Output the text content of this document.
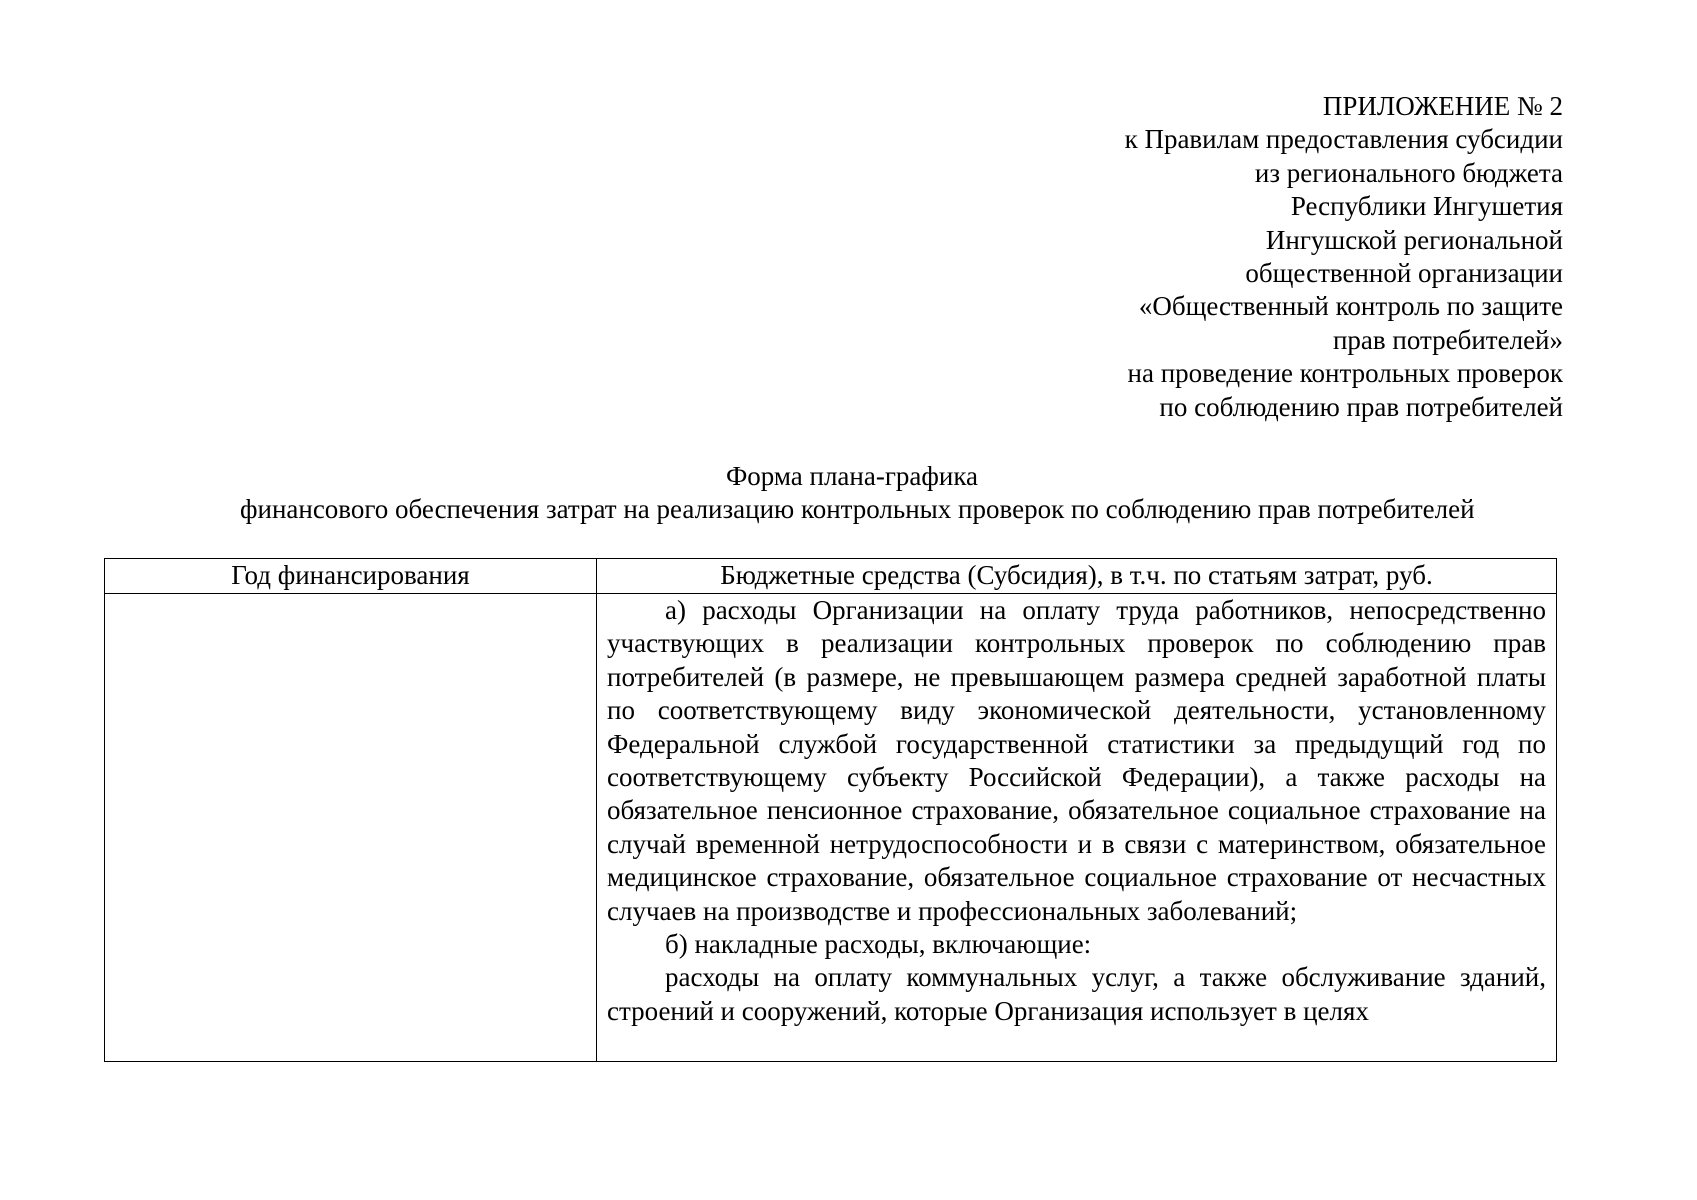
ПРИЛОЖЕНИЕ № 2
к Правилам предоставления субсидии
из регионального бюджета
Республики Ингушетия
Ингушской региональной
общественной организации
«Общественный контроль по защите
прав потребителей»
на проведение контрольных проверок
по соблюдению прав потребителей
Форма плана-графика
финансового обеспечения затрат на реализацию контрольных проверок по соблюдению прав потребителей
Год финансирования	Бюджетные средства (Субсидия), в т.ч. по статьям затрат, руб.

	а) расходы Организации на оплату труда работников, непосредственно участвующих в реализации контрольных проверок по соблюдению прав потребителей (в размере, не превышающем размера средней заработной платы по соответствующему виду экономической деятельности, установленному Федеральной службой государственной статистики за предыдущий год по соответствующему субъекту Российской Федерации), а также расходы на обязательное пенсионное страхование, обязательное социальное страхование на случай временной нетрудоспособности и в связи с материнством, обязательное медицинское страхование, обязательное социальное страхование от несчастных случаев на производстве и профессиональных заболеваний;

б) накладные расходы, включающие:

расходы на оплату коммунальных услуг, а также обслуживание зданий, строений и сооружений, которые Организация использует в целях
